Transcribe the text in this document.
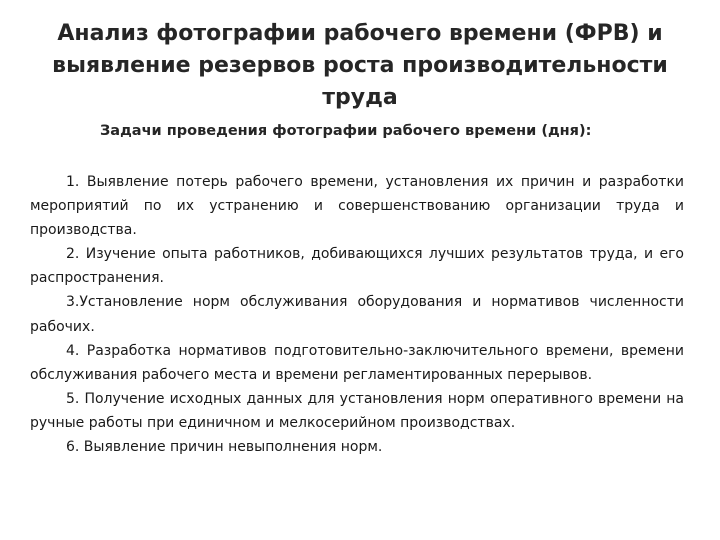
Анализ фотографии рабочего времени (ФРВ) и
выявление резервов роста производительности труда
Задачи проведения фотографии рабочего времени (дня):

1. Выявление потерь рабочего времени, установления их причин и разработки мероприятий по их устранению и совершенствованию организации труда и производства.

2. Изучение опыта работников, добивающихся лучших результатов труда, и его распространения.

3.Установление норм обслуживания оборудования и нормативов численности рабочих.

4. Разработка нормативов подготовительно-заключительного времени, времени обслуживания рабочего места и времени регламентированных перерывов.

5. Получение исходных данных для установления норм оперативного времени на ручные работы при единичном и мелкосерийном производствах.

6. Выявление причин невыполнения норм.
